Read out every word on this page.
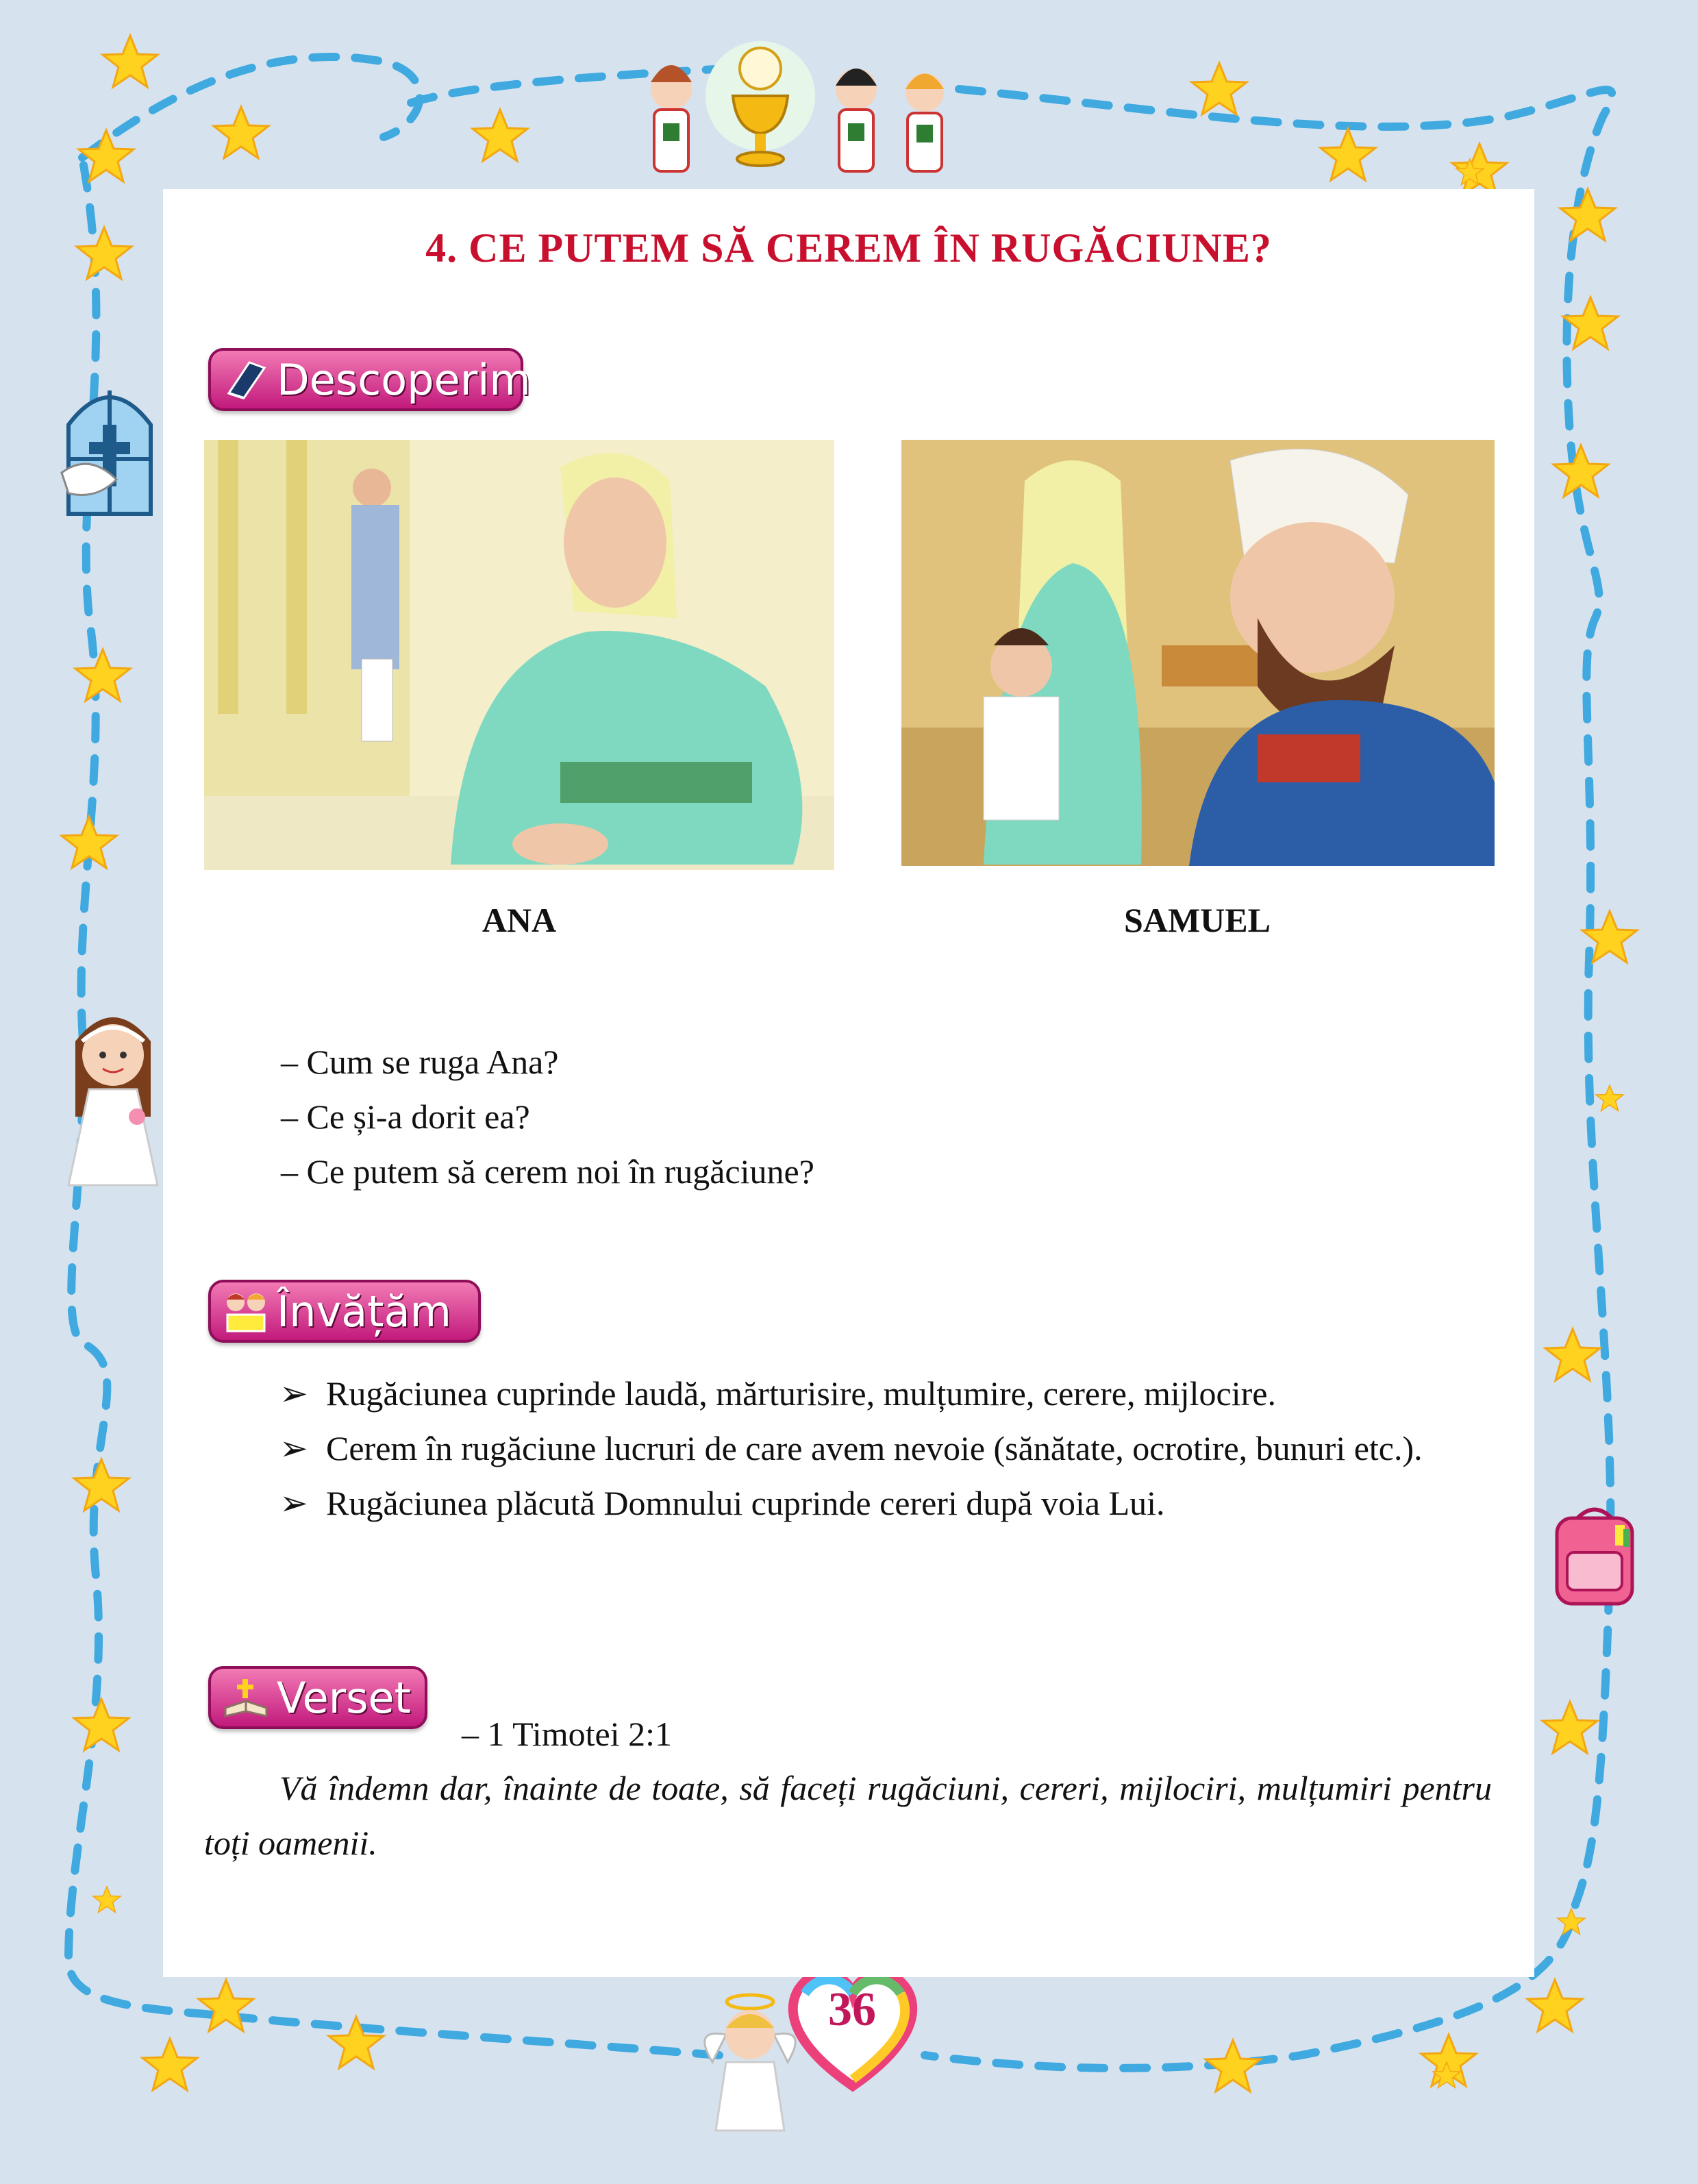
36
4. CE PUTEM SĂ CEREM ÎN RUGĂCIUNE?
Descoperim
ANA	SAMUEL
– Cum se ruga Ana?
– Ce și-a dorit ea?
– Ce putem să cerem noi în rugăciune?
Învățăm
➢ Rugăciunea cuprinde laudă, mărturisire, mulțumire, cerere, mijlocire.
➢ Cerem în rugăciune lucruri de care avem nevoie (sănătate, ocrotire, bunuri etc.).
➢ Rugăciunea plăcută Domnului cuprinde cereri după voia Lui.
Verset
– 1 Timotei 2:1
Vă îndemn dar, înainte de toate, să faceți rugăciuni, cereri, mijlociri, mulțumiri pentru toți oamenii.
